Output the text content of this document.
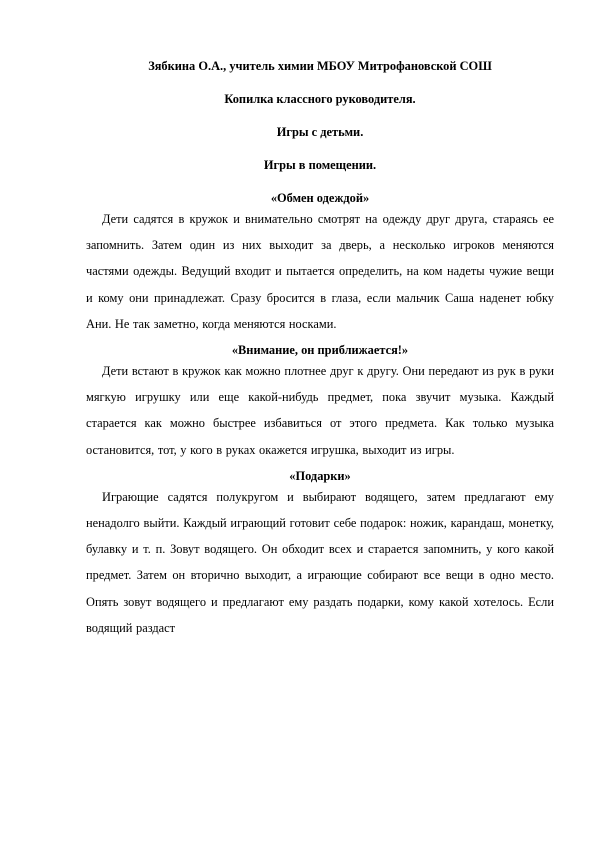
Зябкина О.А., учитель химии МБОУ Митрофановской СОШ

Копилка классного руководителя.

Игры с детьми.

Игры в помещении.

«Обмен одеждой»

Дети садятся в кружок и внимательно смотрят на одежду друг друга, стараясь ее запомнить. Затем один из них выходит за дверь, а несколько игроков меняются частями одежды. Ведущий входит и пытается определить, на ком надеты чужие вещи и кому они принадлежат. Сразу бросится в глаза, если мальчик Саша наденет юбку Ани. Не так заметно, когда меняются носками.

«Внимание, он приближается!»

Дети встают в кружок как можно плотнее друг к другу. Они передают из рук в руки мягкую игрушку или еще какой-нибудь предмет, пока звучит музыка. Каждый старается как можно быстрее избавиться от этого предмета. Как только музыка остановится, тот, у кого в руках окажется игрушка, выходит из игры.

«Подарки»

Играющие садятся полукругом и выбирают водящего, затем предлагают ему ненадолго выйти. Каждый играющий готовит себе подарок: ножик, карандаш, монетку, булавку и т. п. Зовут водящего. Он обходит всех и старается запомнить, у кого какой предмет. Затем он вторично выходит, а играющие собирают все вещи в одно место. Опять зовут водящего и предлагают ему раздать подарки, кому какой хотелось. Если водящий раздаст
